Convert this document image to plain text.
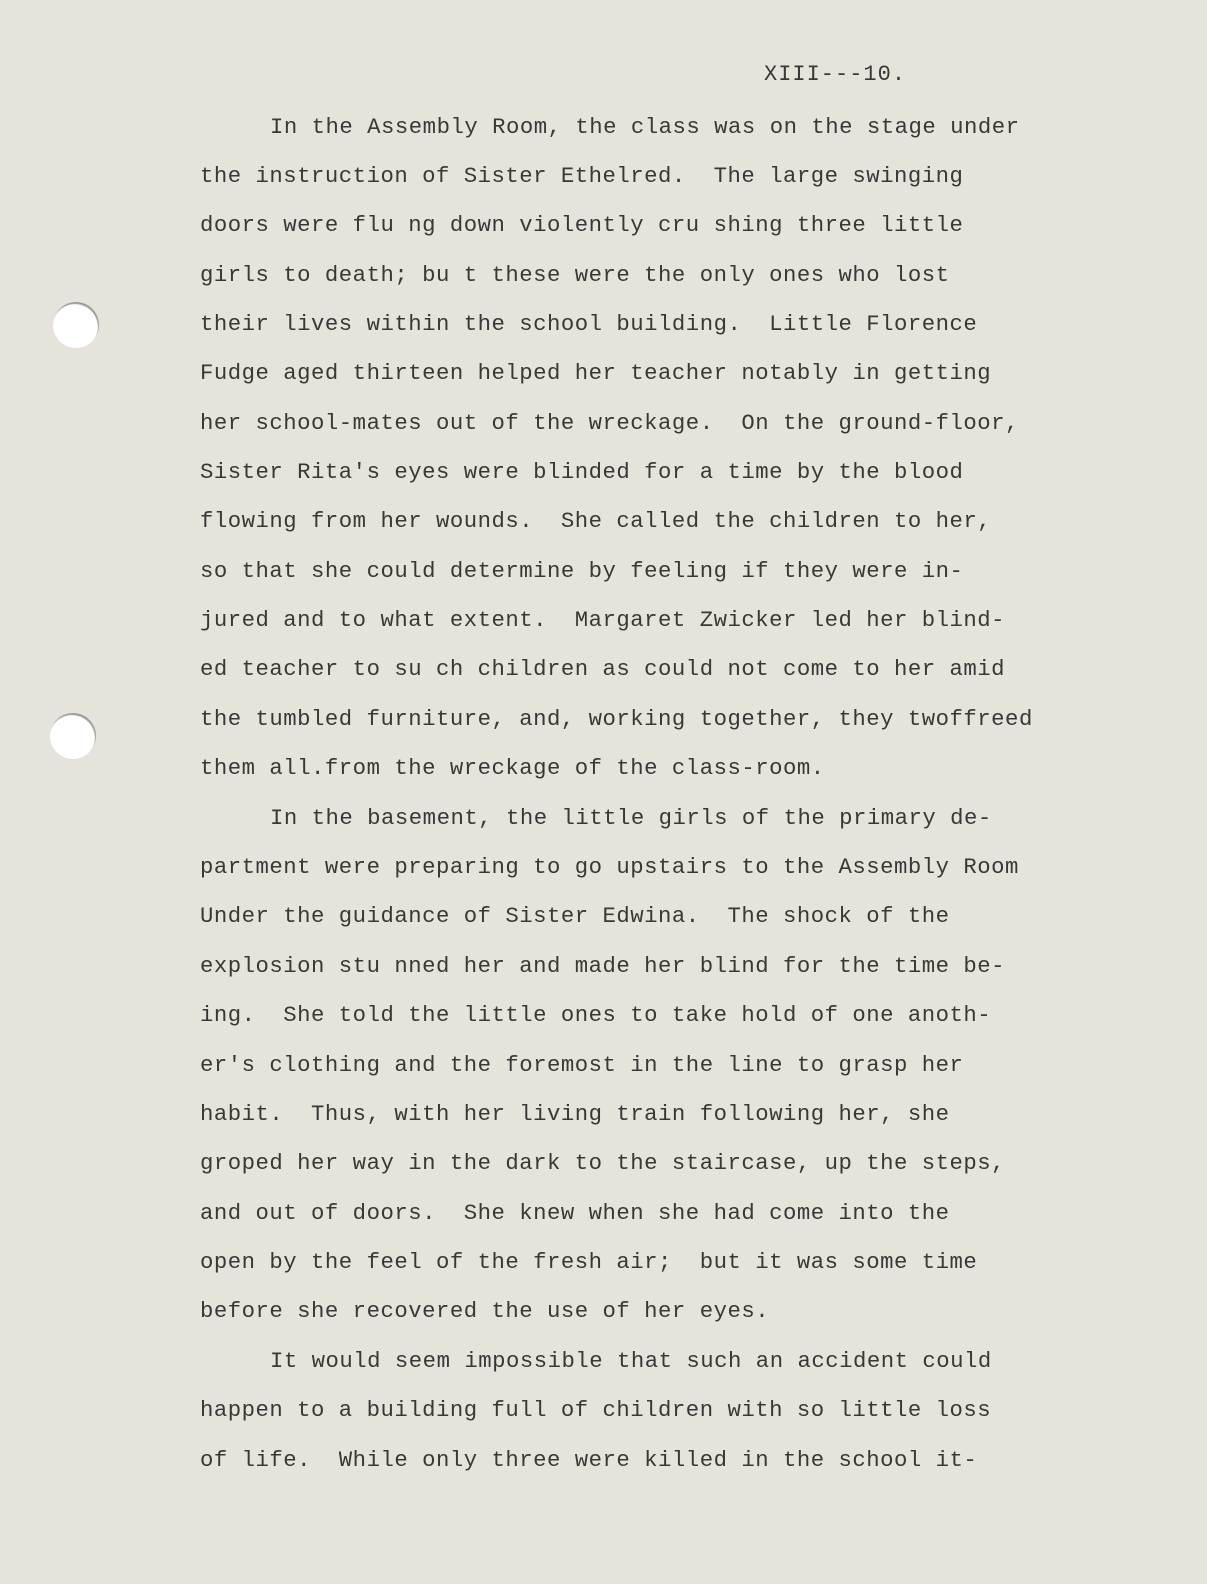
XIII---10.
In the Assembly Room, the class was on the stage under
the instruction of Sister Ethelred.  The large swinging
doors were flu ng down violently cru shing three little
girls to death; bu t these were the only ones who lost
their lives within the school building.  Little Florence
Fudge aged thirteen helped her teacher notably in getting
her school-mates out of the wreckage.  On the ground-floor,
Sister Rita's eyes were blinded for a time by the blood
flowing from her wounds.  She called the children to her,
so that she could determine by feeling if they were in-
jured and to what extent.  Margaret Zwicker led her blind-
ed teacher to su ch children as could not come to her amid
the tumbled furniture, and, working together, they twoffreed
them all.from the wreckage of the class-room.
In the basement, the little girls of the primary de-
partment were preparing to go upstairs to the Assembly Room
Under the guidance of Sister Edwina.  The shock of the
explosion stu nned her and made her blind for the time be-
ing.  She told the little ones to take hold of one anoth-
er's clothing and the foremost in the line to grasp her
habit.  Thus, with her living train following her, she
groped her way in the dark to the staircase, up the steps,
and out of doors.  She knew when she had come into the
open by the feel of the fresh air;  but it was some time
before she recovered the use of her eyes.
It would seem impossible that such an accident could
happen to a building full of children with so little loss
of life.  While only three were killed in the school it-
